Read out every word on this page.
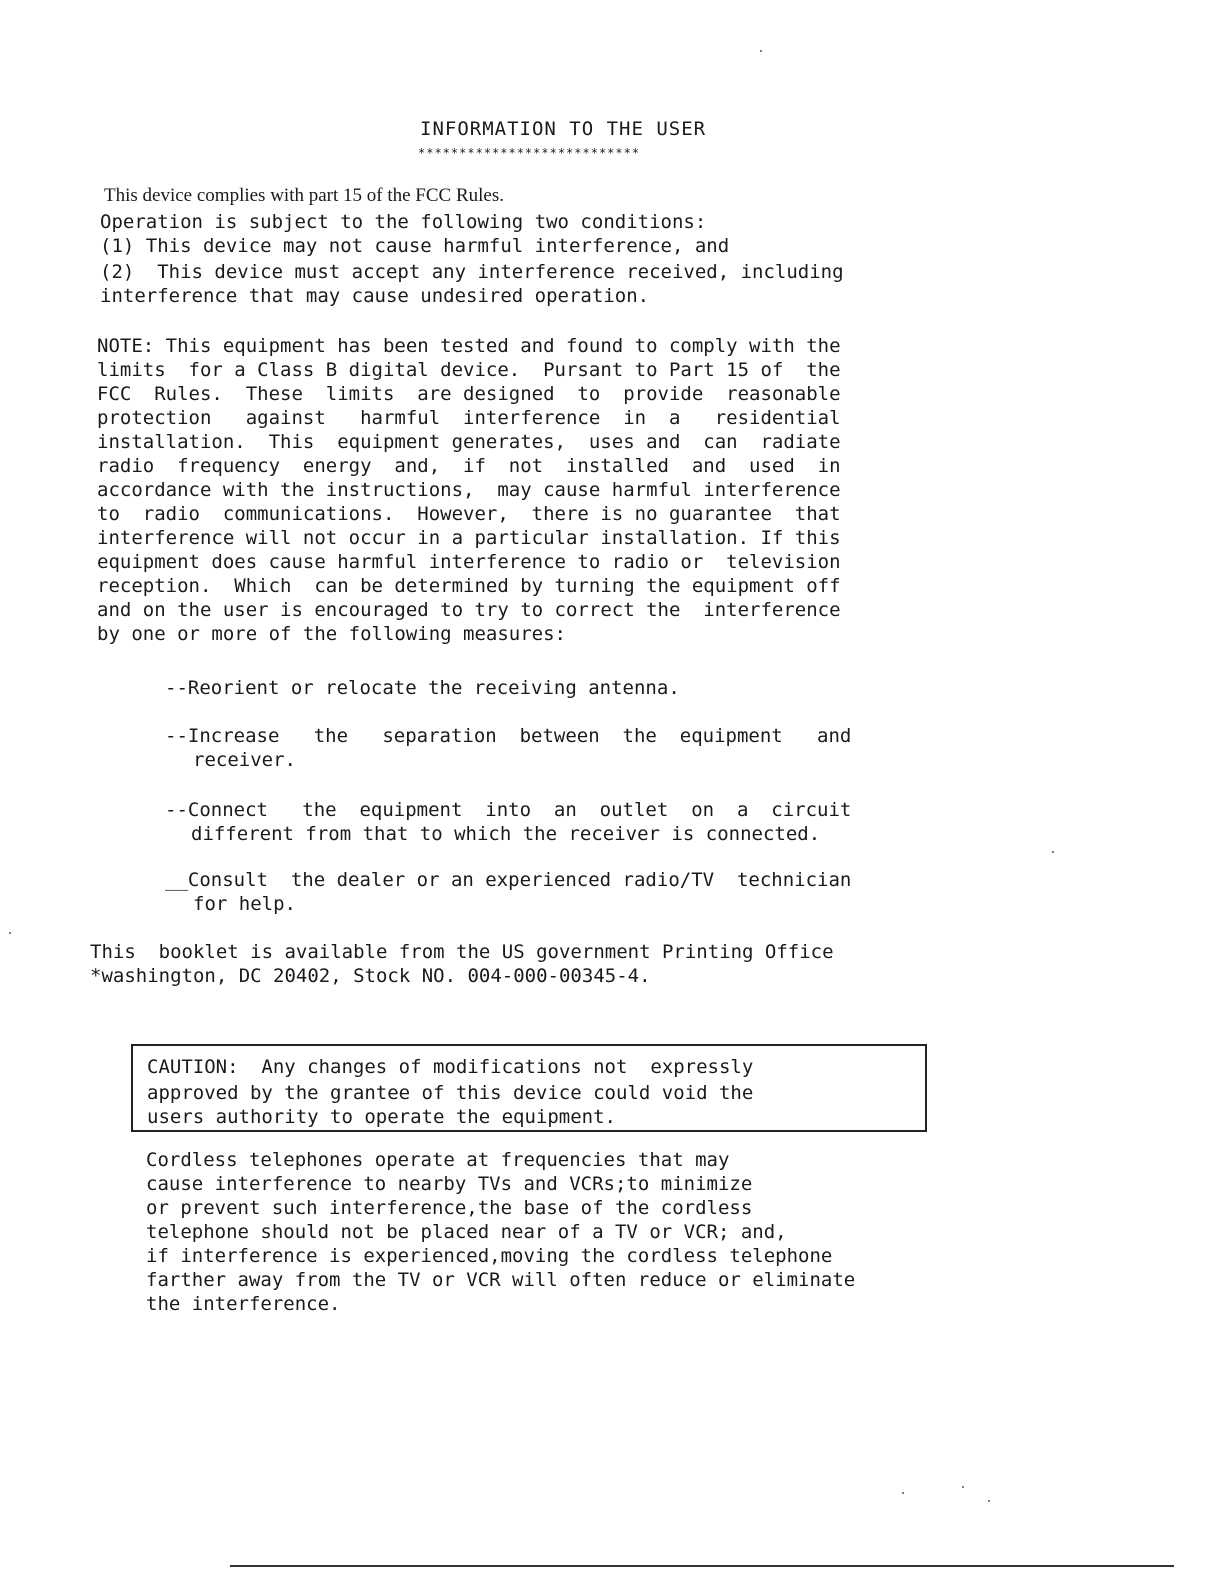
INFORMATION TO THE USER
***************************
This device complies with part 15 of the FCC Rules.
Operation is subject to the following two conditions:
(1) This device may not cause harmful interference, and
(2)  This device must accept any interference received, including
interference that may cause undesired operation.
NOTE: This equipment has been tested and found to comply with the
limits  for a Class B digital device.  Pursant to Part 15 of  the
FCC  Rules.  These  limits  are designed  to  provide  reasonable
protection   against   harmful  interference  in  a   residential
installation.  This  equipment generates,  uses and  can  radiate
radio  frequency  energy  and,  if  not  installed  and  used  in
accordance with the instructions,  may cause harmful interference
to  radio  communications.  However,  there is no guarantee  that
interference will not occur in a particular installation. If this
equipment does cause harmful interference to radio or  television
reception.  Which  can be determined by turning the equipment off
and on the user is encouraged to try to correct the  interference
by one or more of the following measures:
--Reorient or relocate the receiving antenna.
--Increase   the   separation  between  the  equipment   and
receiver.
--Connect   the  equipment  into  an  outlet  on  a  circuit
different from that to which the receiver is connected.
__Consult  the dealer or an experienced radio/TV  technician
for help.
This  booklet is available from the US government Printing Office
*washington, DC 20402, Stock NO. 004-000-00345-4.
CAUTION:  Any changes of modifications not  expressly
approved by the grantee of this device could void the
users authority to operate the equipment.
Cordless telephones operate at frequencies that may
cause interference to nearby TVs and VCRs;to minimize
or prevent such interference,the base of the cordless
telephone should not be placed near of a TV or VCR; and,
if interference is experienced,moving the cordless telephone
farther away from the TV or VCR will often reduce or eliminate
the interference.
